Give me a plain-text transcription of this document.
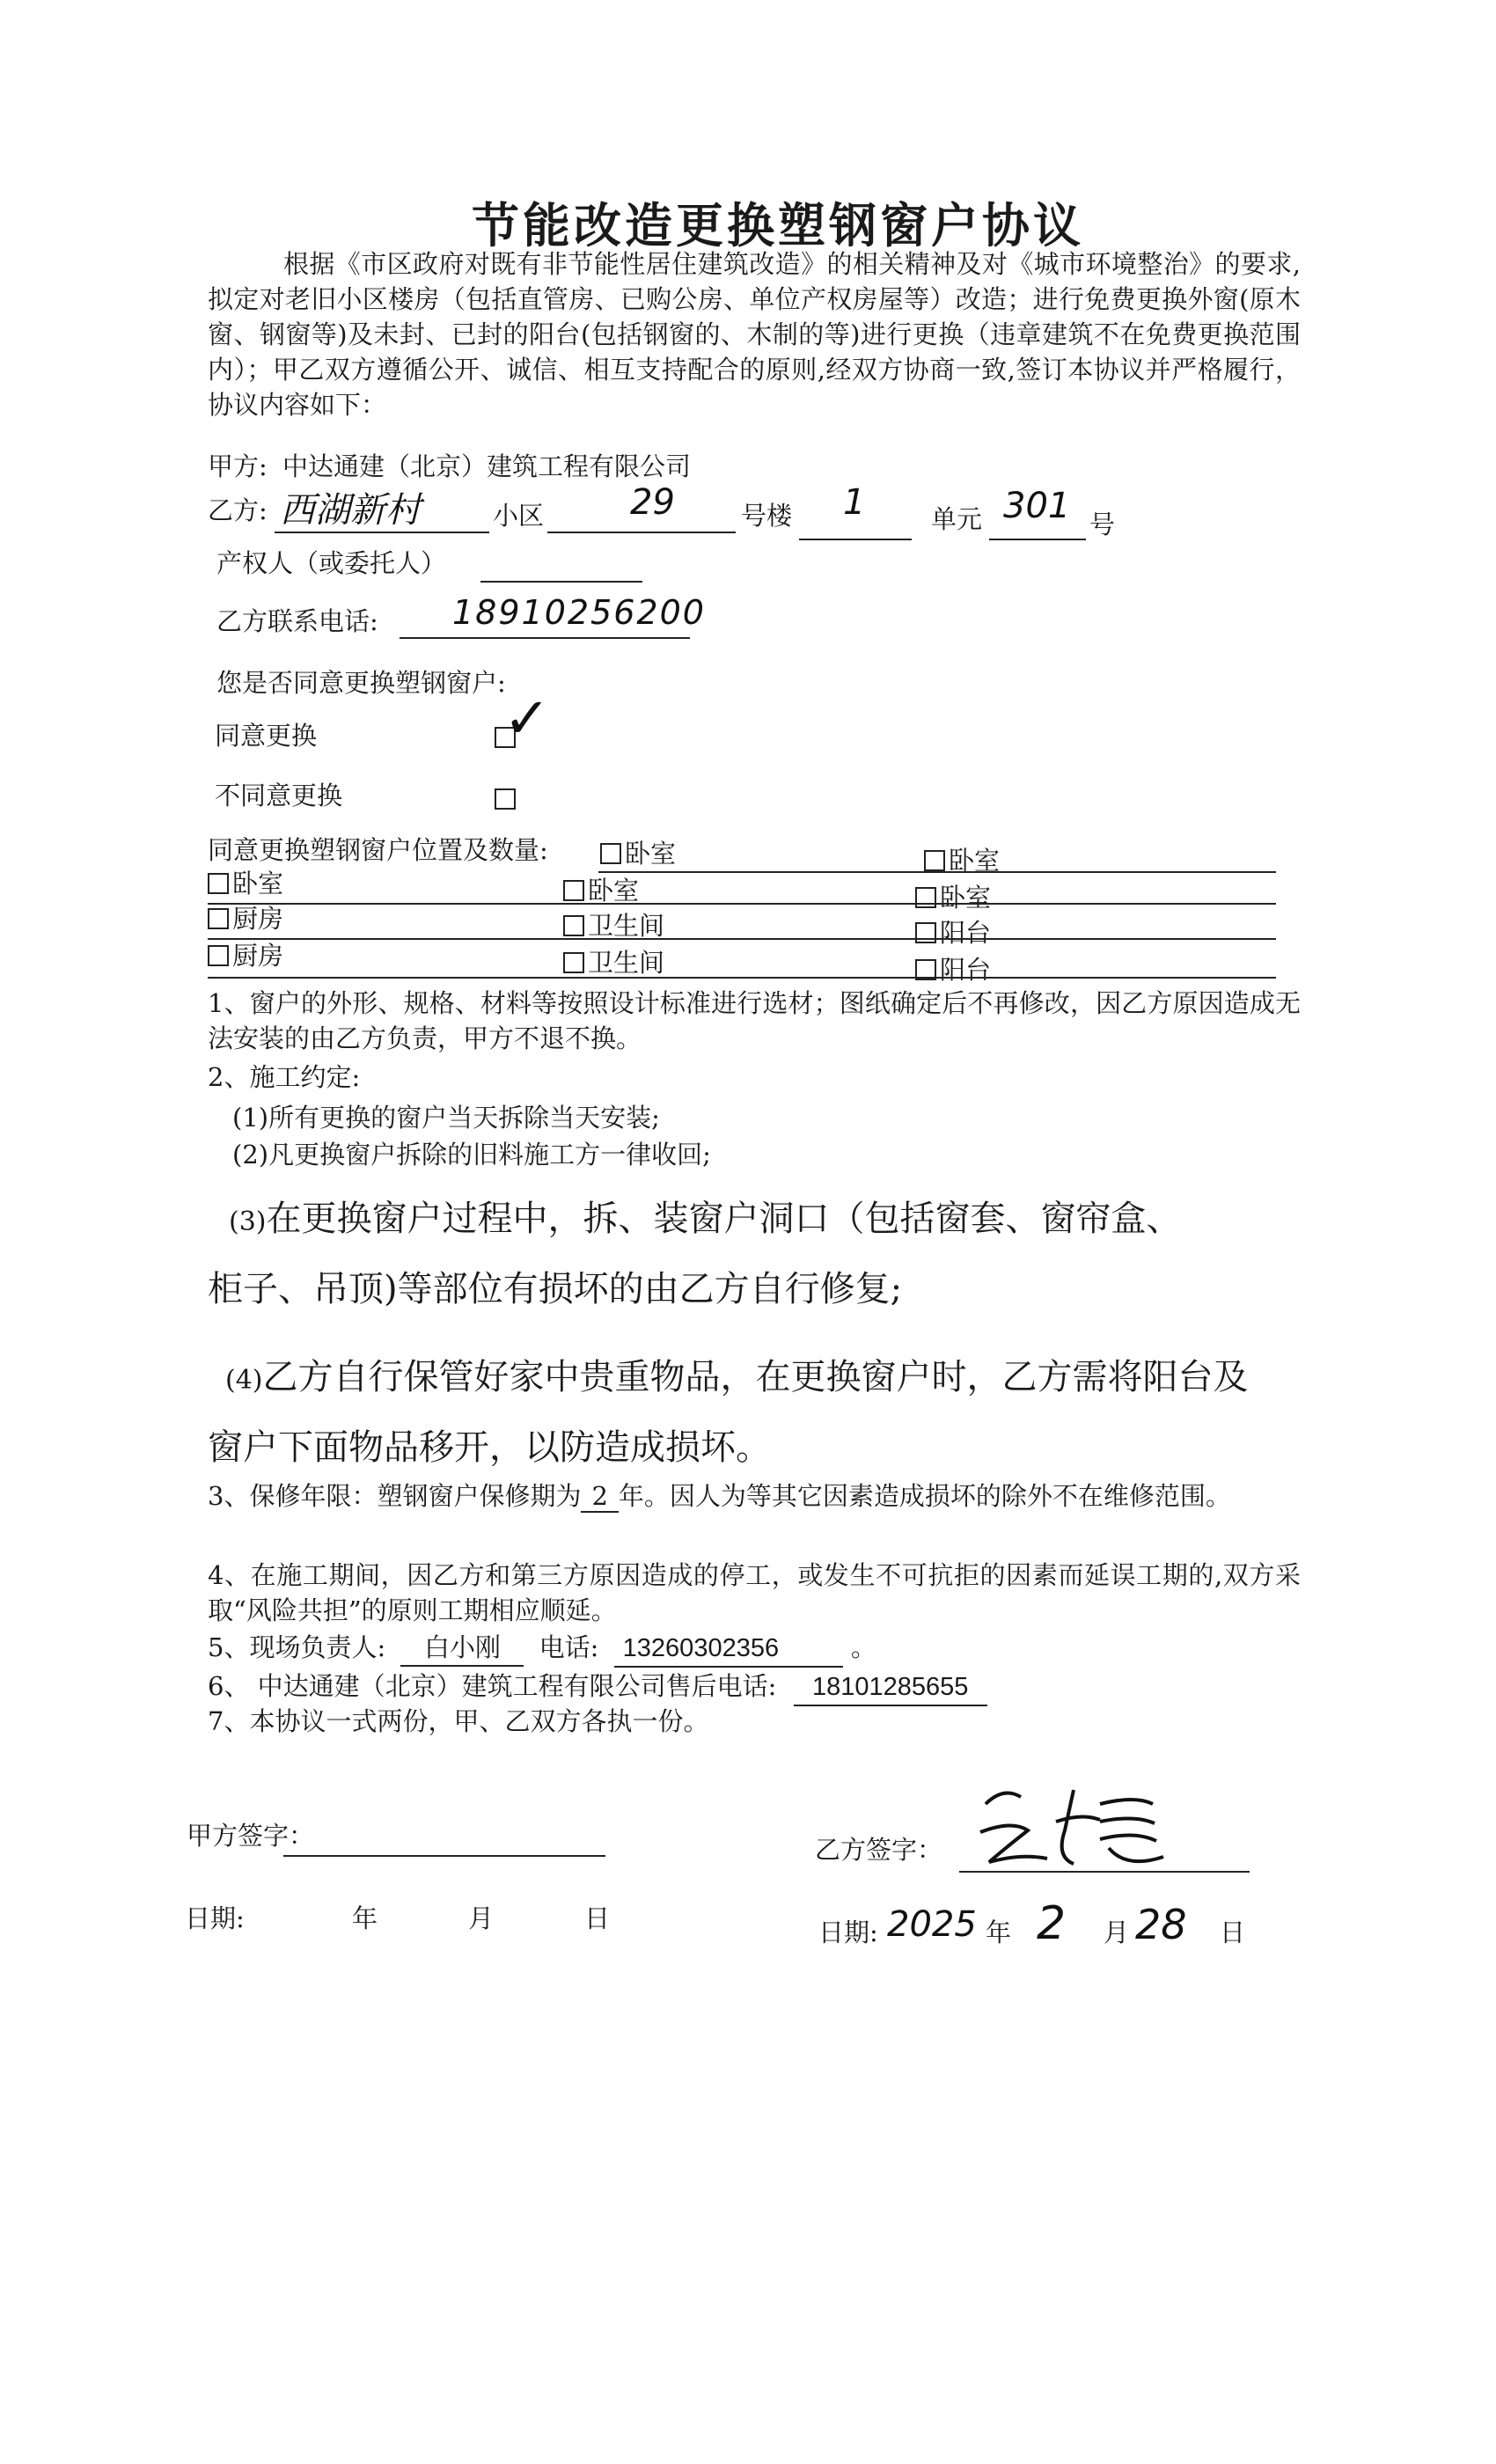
节能改造更换塑钢窗户协议
根据《市区政府对既有非节能性居住建筑改造》的相关精神及对《城市环境整治》的要求,拟定对老旧小区楼房（包括直管房、已购公房、单位产权房屋等）改造；进行免费更换外窗(原木窗、钢窗等)及未封、已封的阳台(包括钢窗的、木制的等)进行更换（违章建筑不在免费更换范围内）；甲乙双方遵循公开、诚信、相互支持配合的原则,经双方协商一致,签订本协议并严格履行，协议内容如下：
甲方: 中达通建（北京）建筑工程有限公司
乙方: 西湖新村	小区 29	号楼 1	单元 301 号
产权人（或委托人）
乙方联系电话: 18910256200
您是否同意更换塑钢窗户:
同意更换	✓
不同意更换
同意更换塑钢窗户位置及数量:	卧室	卧室
卧室	卧室	卧室
厨房	卫生间	阳台
厨房	卫生间	阳台
1、窗户的外形、规格、材料等按照设计标准进行选材；图纸确定后不再修改，因乙方原因造成无法安装的由乙方负责，甲方不退不换。
2、施工约定:
(1)所有更换的窗户当天拆除当天安装;
(2)凡更换窗户拆除的旧料施工方一律收回;
(3)在更换窗户过程中，拆、装窗户洞口（包括窗套、窗帘盒、
柜子、吊顶)等部位有损坏的由乙方自行修复;
(4)乙方自行保管好家中贵重物品，在更换窗户时，乙方需将阳台及
窗户下面物品移开，以防造成损坏。
3、保修年限：塑钢窗户保修期为 2 年。因人为等其它因素造成损坏的除外不在维修范围。
4、在施工期间，因乙方和第三方原因造成的停工，或发生不可抗拒的因素而延误工期的,双方采取“风险共担”的原则工期相应顺延。
5、现场负责人: 白小刚 电话: 13260302356	。
6、 中达通建（北京）建筑工程有限公司售后电话: 18101285655
7、本协议一式两份，甲、乙双方各执一份。
甲方签字：	乙方签字：
日期:	年	月	日	日期: 2025 年 2 月 28 日
